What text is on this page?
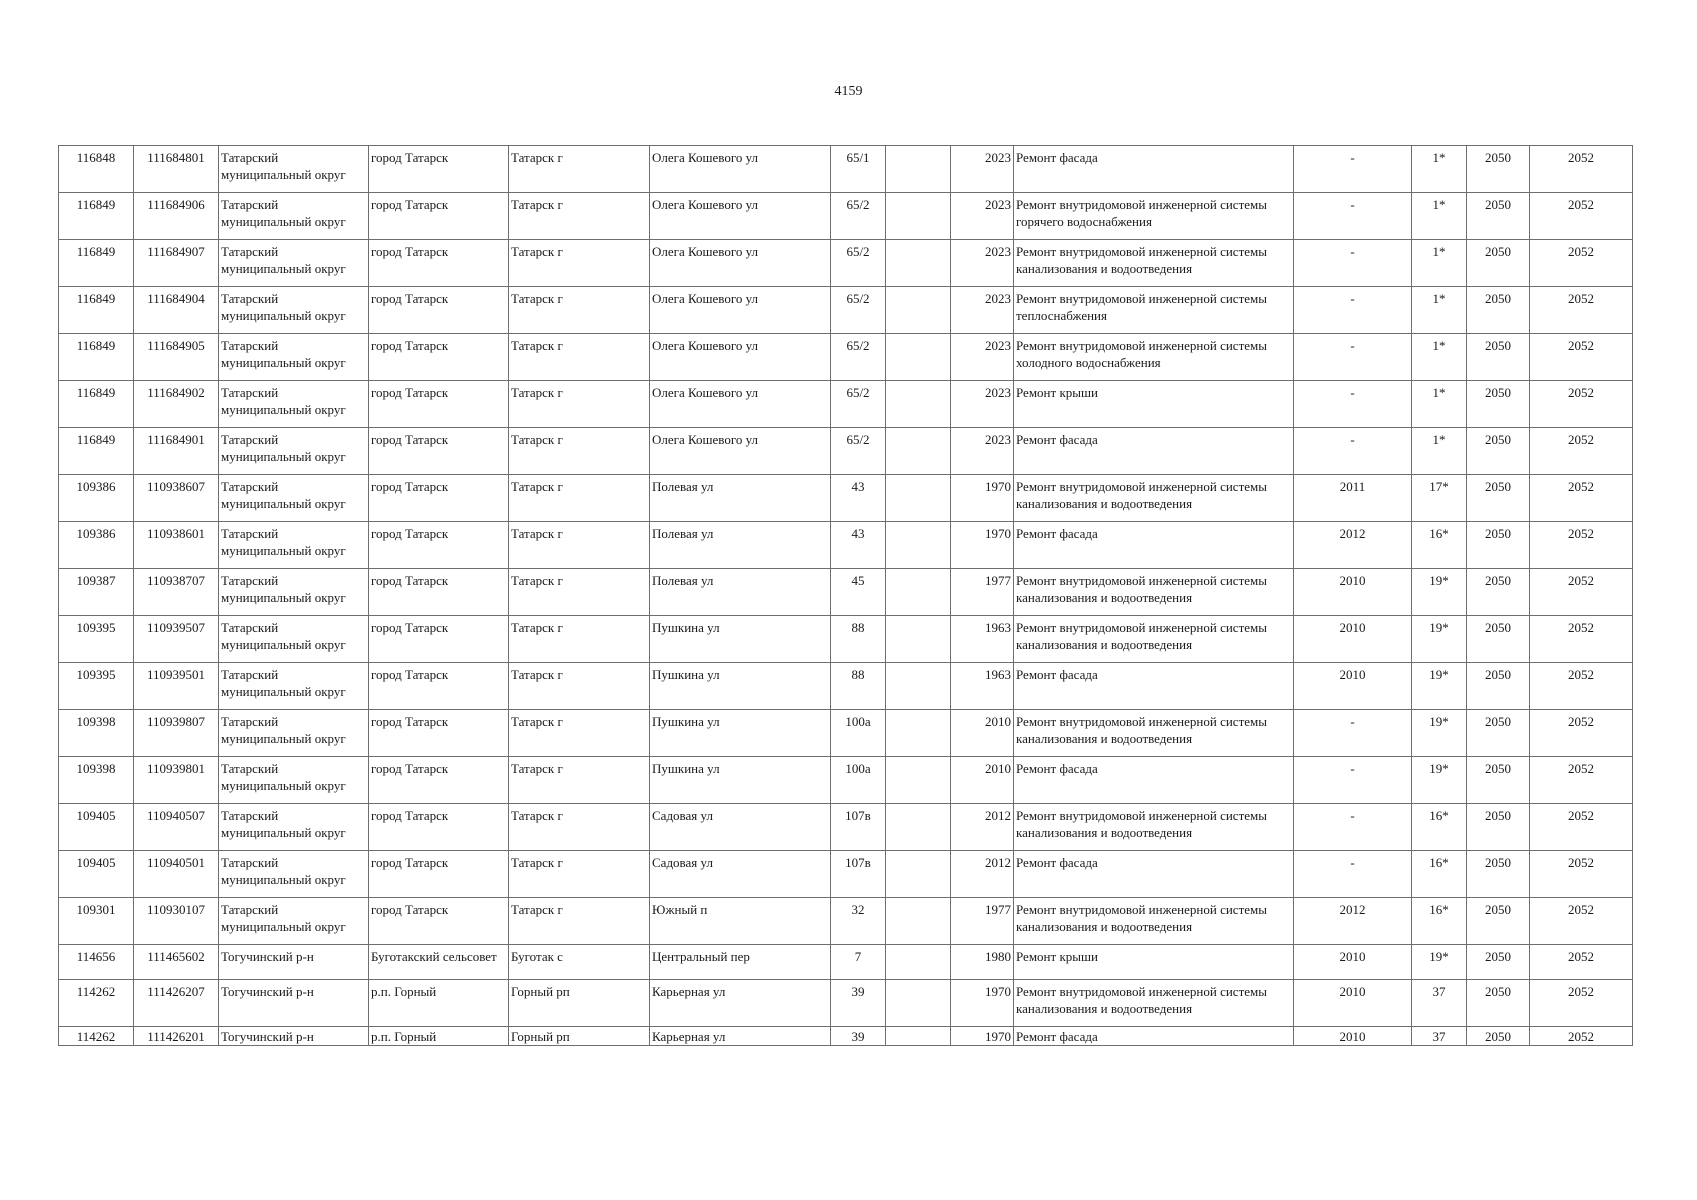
4159
116848	111684801	Татарский муниципальный округ	город Татарск	Татарск г	Олега Кошевого ул	65/1		2023	Ремонт фасада	-	1*	2050	2052
116849	111684906	Татарский муниципальный округ	город Татарск	Татарск г	Олега Кошевого ул	65/2		2023	Ремонт внутридомовой инженерной системы горячего водоснабжения	-	1*	2050	2052
116849	111684907	Татарский муниципальный округ	город Татарск	Татарск г	Олега Кошевого ул	65/2		2023	Ремонт внутридомовой инженерной системы канализования и водоотведения	-	1*	2050	2052
116849	111684904	Татарский муниципальный округ	город Татарск	Татарск г	Олега Кошевого ул	65/2		2023	Ремонт внутридомовой инженерной системы теплоснабжения	-	1*	2050	2052
116849	111684905	Татарский муниципальный округ	город Татарск	Татарск г	Олега Кошевого ул	65/2		2023	Ремонт внутридомовой инженерной системы холодного водоснабжения	-	1*	2050	2052
116849	111684902	Татарский муниципальный округ	город Татарск	Татарск г	Олега Кошевого ул	65/2		2023	Ремонт крыши	-	1*	2050	2052
116849	111684901	Татарский муниципальный округ	город Татарск	Татарск г	Олега Кошевого ул	65/2		2023	Ремонт фасада	-	1*	2050	2052
109386	110938607	Татарский муниципальный округ	город Татарск	Татарск г	Полевая ул	43		1970	Ремонт внутридомовой инженерной системы канализования и водоотведения	2011	17*	2050	2052
109386	110938601	Татарский муниципальный округ	город Татарск	Татарск г	Полевая ул	43		1970	Ремонт фасада	2012	16*	2050	2052
109387	110938707	Татарский муниципальный округ	город Татарск	Татарск г	Полевая ул	45		1977	Ремонт внутридомовой инженерной системы канализования и водоотведения	2010	19*	2050	2052
109395	110939507	Татарский муниципальный округ	город Татарск	Татарск г	Пушкина ул	88		1963	Ремонт внутридомовой инженерной системы канализования и водоотведения	2010	19*	2050	2052
109395	110939501	Татарский муниципальный округ	город Татарск	Татарск г	Пушкина ул	88		1963	Ремонт фасада	2010	19*	2050	2052
109398	110939807	Татарский муниципальный округ	город Татарск	Татарск г	Пушкина ул	100а		2010	Ремонт внутридомовой инженерной системы канализования и водоотведения	-	19*	2050	2052
109398	110939801	Татарский муниципальный округ	город Татарск	Татарск г	Пушкина ул	100а		2010	Ремонт фасада	-	19*	2050	2052
109405	110940507	Татарский муниципальный округ	город Татарск	Татарск г	Садовая ул	107в		2012	Ремонт внутридомовой инженерной системы канализования и водоотведения	-	16*	2050	2052
109405	110940501	Татарский муниципальный округ	город Татарск	Татарск г	Садовая ул	107в		2012	Ремонт фасада	-	16*	2050	2052
109301	110930107	Татарский муниципальный округ	город Татарск	Татарск г	Южный п	32		1977	Ремонт внутридомовой инженерной системы канализования и водоотведения	2012	16*	2050	2052
114656	111465602	Тогучинский р-н	Буготакский сельсовет	Буготак с	Центральный пер	7		1980	Ремонт крыши	2010	19*	2050	2052
114262	111426207	Тогучинский р-н	р.п. Горный	Горный рп	Карьерная ул	39		1970	Ремонт внутридомовой инженерной системы канализования и водоотведения	2010	37	2050	2052
114262	111426201	Тогучинский р-н	р.п. Горный	Горный рп	Карьерная ул	39		1970	Ремонт фасада	2010	37	2050	2052
